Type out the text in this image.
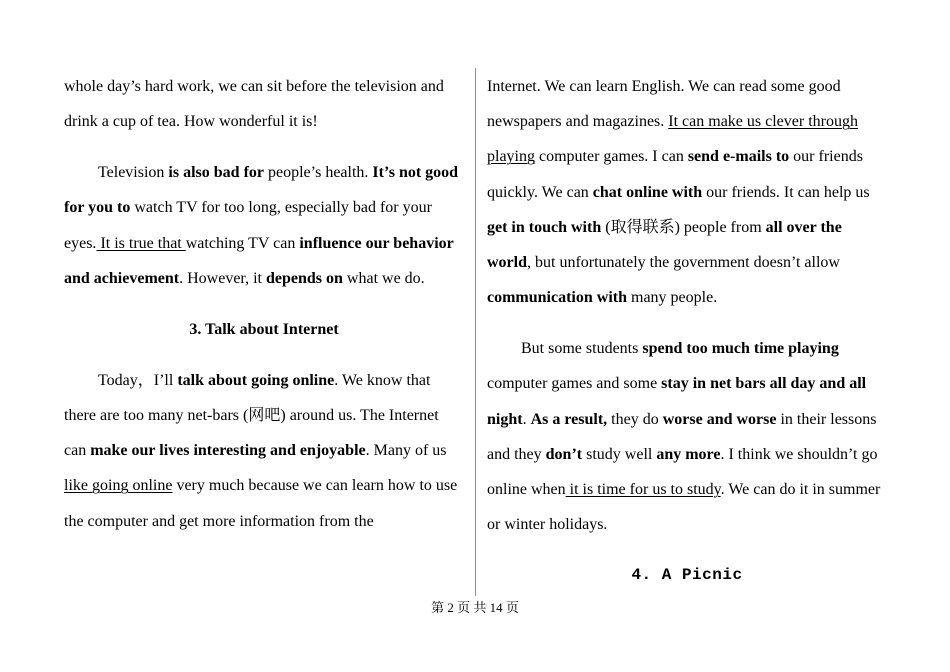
whole day’s hard work, we can sit before the television and drink a cup of tea. How wonderful it is!

Television is also bad for people’s health. It’s not good for you to watch TV for too long, especially bad for your eyes. It is true that watching TV can influence our behavior and achievement. However, it depends on what we do.

3. Talk about Internet

Today，I’ll talk about going online. We know that there are too many net-bars (网吧) around us. The Internet can make our lives interesting and enjoyable. Many of us like going online very much because we can learn how to use the computer and get more information from the

Internet. We can learn English. We can read some good newspapers and magazines. It can make us clever through playing computer games. I can send e-mails to our friends quickly. We can chat online with our friends. It can help us get in touch with (取得联系) people from all over the world, but unfortunately the government doesn’t allow communication with many people.

But some students spend too much time playing computer games and some stay in net bars all day and all night. As a result, they do worse and worse in their lessons and they don’t study well any more. I think we shouldn’t go online when it is time for us to study. We can do it in summer or winter holidays.

4. A Picnic

第 2 页 共 14 页
